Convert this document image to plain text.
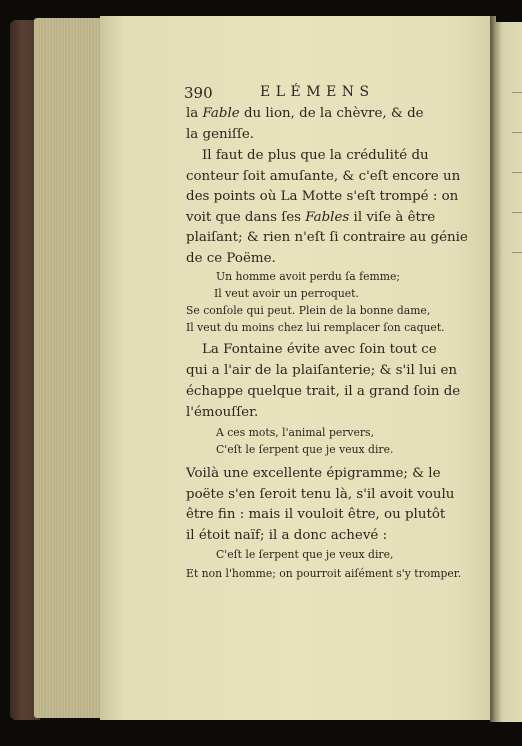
390	ELÉMENS
la Fable du lion, de la chèvre, & de
la geniſſe.
Il faut de plus que la crédulité du
conteur ſoit amuſante, & c'eſt encore un
des points où La Motte s'eſt trompé : on
voit que dans ſes Fables il viſe à être
plaiſant; & rien n'eſt ſi contraire au génie
de ce Poëme.
Un homme avoit perdu ſa femme;
Il veut avoir un perroquet.
Se conſole qui peut. Plein de la bonne dame,
Il veut du moins chez lui remplacer ſon caquet.
La Fontaine évite avec ſoin tout ce
qui a l'air de la plaiſanterie; & s'il lui en
échappe quelque trait, il a grand ſoin de
l'émouſſer.
A ces mots, l'animal pervers,
C'eſt le ſerpent que je veux dire.
Voilà une excellente épigramme; & le
poëte s'en ſeroit tenu là, s'il avoit voulu
être fin : mais il vouloit être, ou plutôt
il étoit naïf; il a donc achevé :
C'eſt le ſerpent que je veux dire,
Et non l'homme; on pourroit aiſément s'y tromper.
